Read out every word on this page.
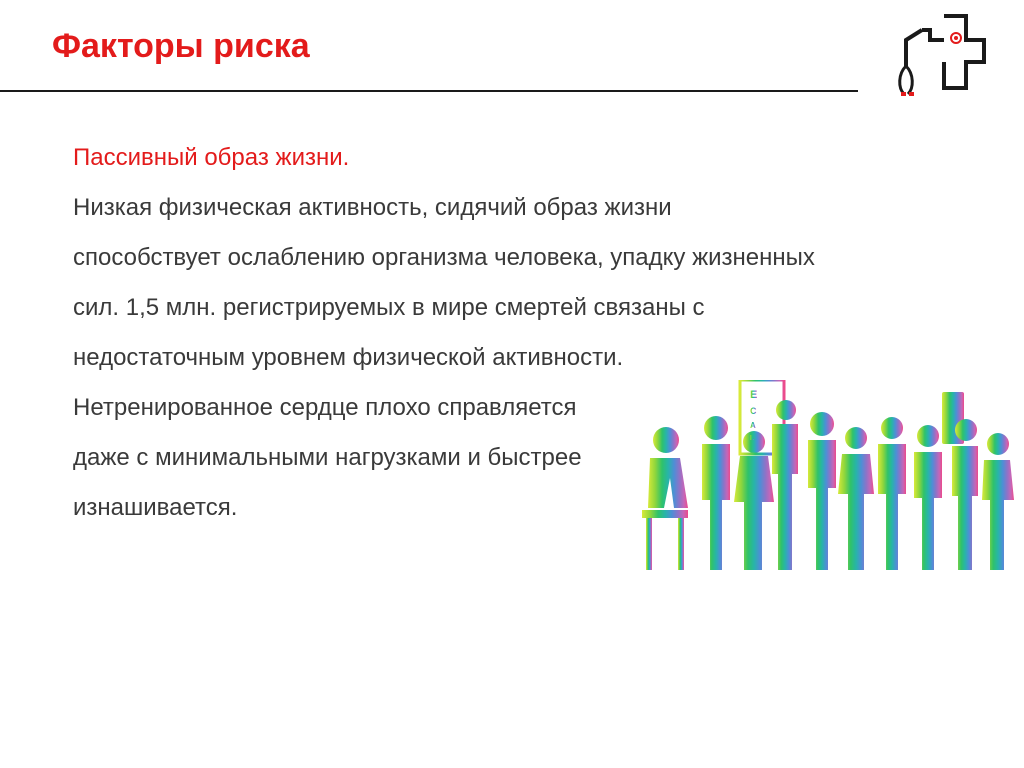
Факторы риска
E
C
A
L
Пассивный образ жизни.
Низкая физическая активность, сидячий образ жизни
способствует ослаблению организма человека, упадку жизненных
сил. 1,5 млн. регистрируемых в мире смертей связаны с
недостаточным уровнем физической активности.
Нетренированное сердце плохо справляется
даже с минимальными нагрузками и быстрее
изнашивается.
